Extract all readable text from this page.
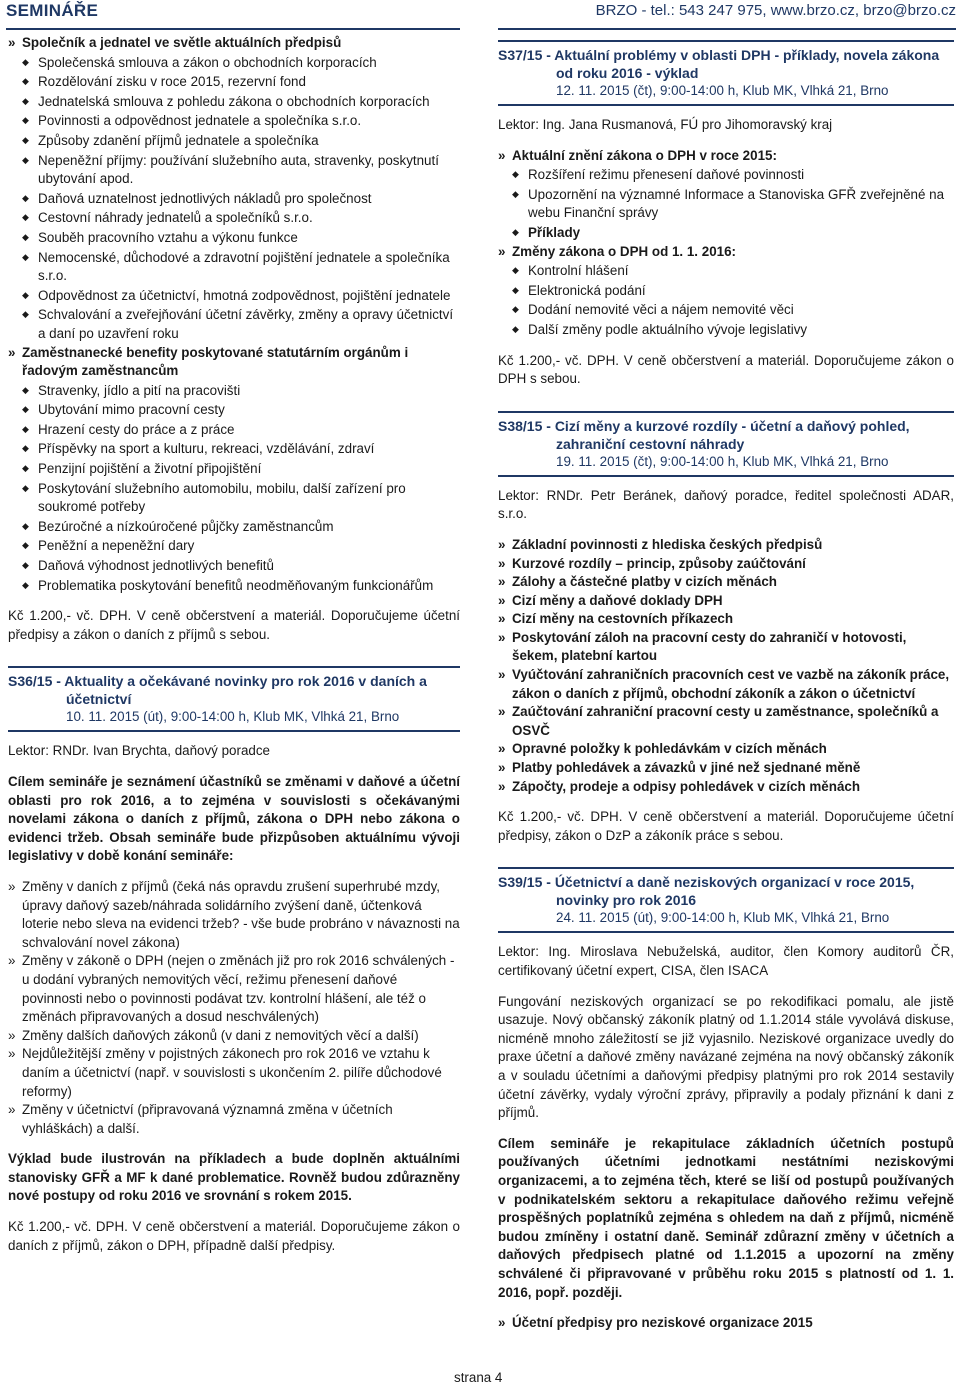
SEMINÁŘE	BRZO - tel.: 543 247 975, www.brzo.cz, brzo@brzo.cz
» Společník a jednatel ve světle aktuálních předpisů
◆ Společenská smlouva a zákon o obchodních korporacích
◆ Rozdělování zisku v roce 2015, rezervní fond
◆ Jednatelská smlouva z pohledu zákona o obchodních korporacích
◆ Povinnosti a odpovědnost jednatele a společníka s.r.o.
◆ Způsoby zdanění příjmů jednatele a společníka
◆ Nepeněžní příjmy: používání služebního auta, stravenky, poskytnutí ubytování apod.
◆ Daňová uznatelnost jednotlivých nákladů pro společnost
◆ Cestovní náhrady jednatelů a společníků s.r.o.
◆ Souběh pracovního vztahu a výkonu funkce
◆ Nemocenské, důchodové a zdravotní pojištění jednatele a společníka s.r.o.
◆ Odpovědnost za účetnictví, hmotná zodpovědnost, pojištění jednatele
◆ Schvalování a zveřejňování účetní závěrky, změny a opravy účetnictví a daní po uzavření roku
» Zaměstnanecké benefity poskytované statutárním orgánům i řadovým zaměstnancům
◆ Stravenky, jídlo a pití na pracovišti
◆ Ubytování mimo pracovní cesty
◆ Hrazení cesty do práce a z práce
◆ Příspěvky na sport a kulturu, rekreaci, vzdělávání, zdraví
◆ Penzijní pojištění a životní připojištění
◆ Poskytování služebního automobilu, mobilu, další zařízení pro soukromé potřeby
◆ Bezúročné a nízkoúročené půjčky zaměstnancům
◆ Peněžní a nepeněžní dary
◆ Daňová výhodnost jednotlivých benefitů
◆ Problematika poskytování benefitů neodměňovaným funkcionářům
Kč 1.200,- vč. DPH. V ceně občerstvení a materiál. Doporučujeme účetní předpisy a zákon o daních z příjmů s sebou.
S36/15 - Aktuality a očekávané novinky pro rok 2016 v daních a účetnictví
10. 11. 2015 (út), 9:00-14:00 h, Klub MK, Vlhká 21, Brno
Lektor: RNDr. Ivan Brychta, daňový poradce
Cílem semináře je seznámení účastníků se změnami v daňové a účetní oblasti pro rok 2016, a to zejména v souvislosti s očekávanými novelami zákona o daních z příjmů, zákona o DPH nebo zákona o evidenci tržeb. Obsah semináře bude přizpůsoben aktuálnímu vývoji legislativy v době konání semináře:
» Změny v daních z příjmů (čeká nás opravdu zrušení superhrubé mzdy, úpravy daňový sazeb/náhrada solidárního zvýšení daně, účtenková loterie nebo sleva na evidenci tržeb? - vše bude probráno v návaznosti na schvalování novel zákona)
» Změny v zákoně o DPH (nejen o změnách již pro rok 2016 schválených - u dodání vybraných nemovitých věcí, režimu přenesení daňové povinnosti nebo o povinnosti podávat tzv. kontrolní hlášení, ale též o změnách připravovaných a dosud neschválených)
» Změny dalších daňových zákonů (v dani z nemovitých věcí a další)
» Nejdůležitější změny v pojistných zákonech pro rok 2016 ve vztahu k daním a účetnictví (např. v souvislosti s ukončením 2. pilíře důchodové reformy)
» Změny v účetnictví (připravovaná významná změna v účetních vyhláškách) a další.
Výklad bude ilustrován na příkladech a bude doplněn aktuálními stanovisky GFŘ a MF k dané problematice. Rovněž budou zdůrazněny nové postupy od roku 2016 ve srovnání s rokem 2015.
Kč 1.200,- vč. DPH. V ceně občerstvení a materiál. Doporučujeme zákon o daních z příjmů, zákon o DPH, případně další předpisy.
S37/15 - Aktuální problémy v oblasti DPH - příklady, novela zákona od roku 2016 - výklad
12. 11. 2015 (čt), 9:00-14:00 h, Klub MK, Vlhká 21, Brno
Lektor: Ing. Jana Rusmanová, FÚ pro Jihomoravský kraj
» Aktuální znění zákona o DPH v roce 2015:
◆ Rozšíření režimu přenesení daňové povinnosti
◆ Upozornění na významné Informace a Stanoviska GFŘ zveřejněné na webu Finanční správy
◆ Příklady
» Změny zákona o DPH od 1. 1. 2016:
◆ Kontrolní hlášení
◆ Elektronická podání
◆ Dodání nemovité věci a nájem nemovité věci
◆ Další změny podle aktuálního vývoje legislativy
Kč 1.200,- vč. DPH. V ceně občerstvení a materiál. Doporučujeme zákon o DPH s sebou.
S38/15 - Cizí měny a kurzové rozdíly - účetní a daňový pohled, zahraniční cestovní náhrady
19. 11. 2015 (čt), 9:00-14:00 h, Klub MK, Vlhká 21, Brno
Lektor: RNDr. Petr Beránek, daňový poradce, ředitel společnosti ADAR, s.r.o.
» Základní povinnosti z hlediska českých předpisů
» Kurzové rozdíly – princip, způsoby zaúčtování
» Zálohy a částečné platby v cizích měnách
» Cizí měny a daňové doklady DPH
» Cizí měny na cestovních příkazech
» Poskytování záloh na pracovní cesty do zahraničí v hotovosti, šekem, platební kartou
» Vyúčtování zahraničních pracovních cest ve vazbě na zákoník práce, zákon o daních z příjmů, obchodní zákoník a zákon o účetnictví
» Zaúčtování zahraniční pracovní cesty u zaměstnance, společníků a OSVČ
» Opravné položky k pohledávkám v cizích měnách
» Platby pohledávek a závazků v jiné než sjednané měně
» Zápočty, prodeje a odpisy pohledávek v cizích měnách
Kč 1.200,- vč. DPH. V ceně občerstvení a materiál. Doporučujeme účetní předpisy, zákon o DzP a zákoník práce s sebou.
S39/15 - Účetnictví a daně neziskových organizací v roce 2015, novinky pro rok 2016
24. 11. 2015 (út), 9:00-14:00 h, Klub MK, Vlhká 21, Brno
Lektor: Ing. Miroslava Nebuželská, auditor, člen Komory auditorů ČR, certifikovaný účetní expert, CISA, člen ISACA
Fungování neziskových organizací se po rekodifikaci pomalu, ale jistě usazuje. Nový občanský zákoník platný od 1.1.2014 stále vyvolává diskuse, nicméně mnoho záležitostí se již vyjasnilo. Neziskové organizace uvedly do praxe účetní a daňové změny navázané zejména na nový občanský zákoník a v souladu účetními a daňovými předpisy platnými pro rok 2014 sestavily účetní závěrky, vydaly výroční zprávy, připravily a podaly přiznání k dani z příjmů.
Cílem semináře je rekapitulace základních účetních postupů používaných účetními jednotkami nestátními neziskovými organizacemi, a to zejména těch, které se liší od postupů používaných v podnikatelském sektoru a rekapitulace daňového režimu veřejně prospěšných poplatníků zejména s ohledem na daň z příjmů, nicméně budou zmíněny i ostatní daně. Seminář zdůrazní změny v účetních a daňových předpisech platné od 1.1.2015 a upozorní na změny schválené či připravované v průběhu roku 2015 s platností od 1. 1. 2016, popř. později.
» Účetní předpisy pro neziskové organizace 2015
strana 4
